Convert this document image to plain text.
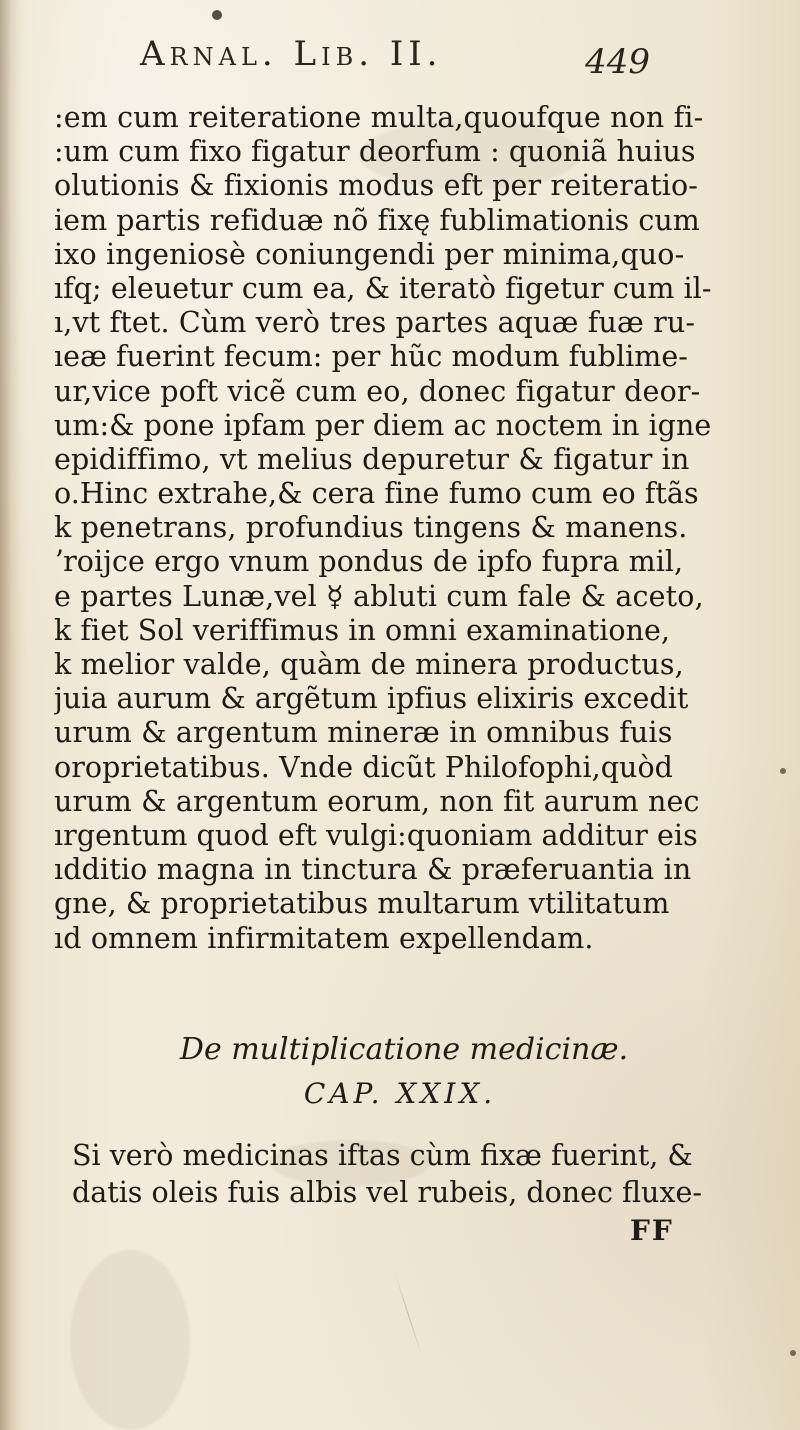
Arnal. Lib. II.	449
:em cum reiteratione multa,quoufque non fi-
:um cum fixo figatur deorfum : quoniã huius
olutionis & fixionis modus eft per reiteratio-
iem partis refiduæ nõ fixę fublimationis cum
ixo ingeniosè coniungendi per minima,quo-
ıfq; eleuetur cum ea, & iteratò figetur cum il-
ı,vt ftet. Cùm verò tres partes aquæ fuæ ru-
ıeæ fuerint fecum: per hũc modum fublime-
ur,vice poft vicẽ cum eo, donec figatur deor-
um:& pone ipfam per diem ac noctem in igne
epidiffimo, vt melius depuretur & figatur in
o.Hinc extrahe,& cera fine fumo cum eo ftãs
k penetrans, profundius tingens & manens.
ʼroijce ergo vnum pondus de ipfo fupra mil,
e partes Lunæ,vel ☿ abluti cum fale & aceto,
k fiet Sol veriffimus in omni examinatione,
k melior valde, quàm de minera productus,
juia aurum & argẽtum ipfius elixiris excedit
urum & argentum mineræ in omnibus fuis
oroprietatibus. Vnde dicũt Philofophi,quòd
urum & argentum eorum, non fit aurum nec
ırgentum quod eft vulgi:quoniam additur eis
ıdditio magna in tinctura & præferuantia in
gne, & proprietatibus multarum vtilitatum
ıd omnem infirmitatem expellendam.
De multiplicatione medicinæ.
CAP. XXIX.
Si verò medicinas iftas cùm fixæ fuerint, &
datis oleis fuis albis vel rubeis, donec fluxe-
FF
